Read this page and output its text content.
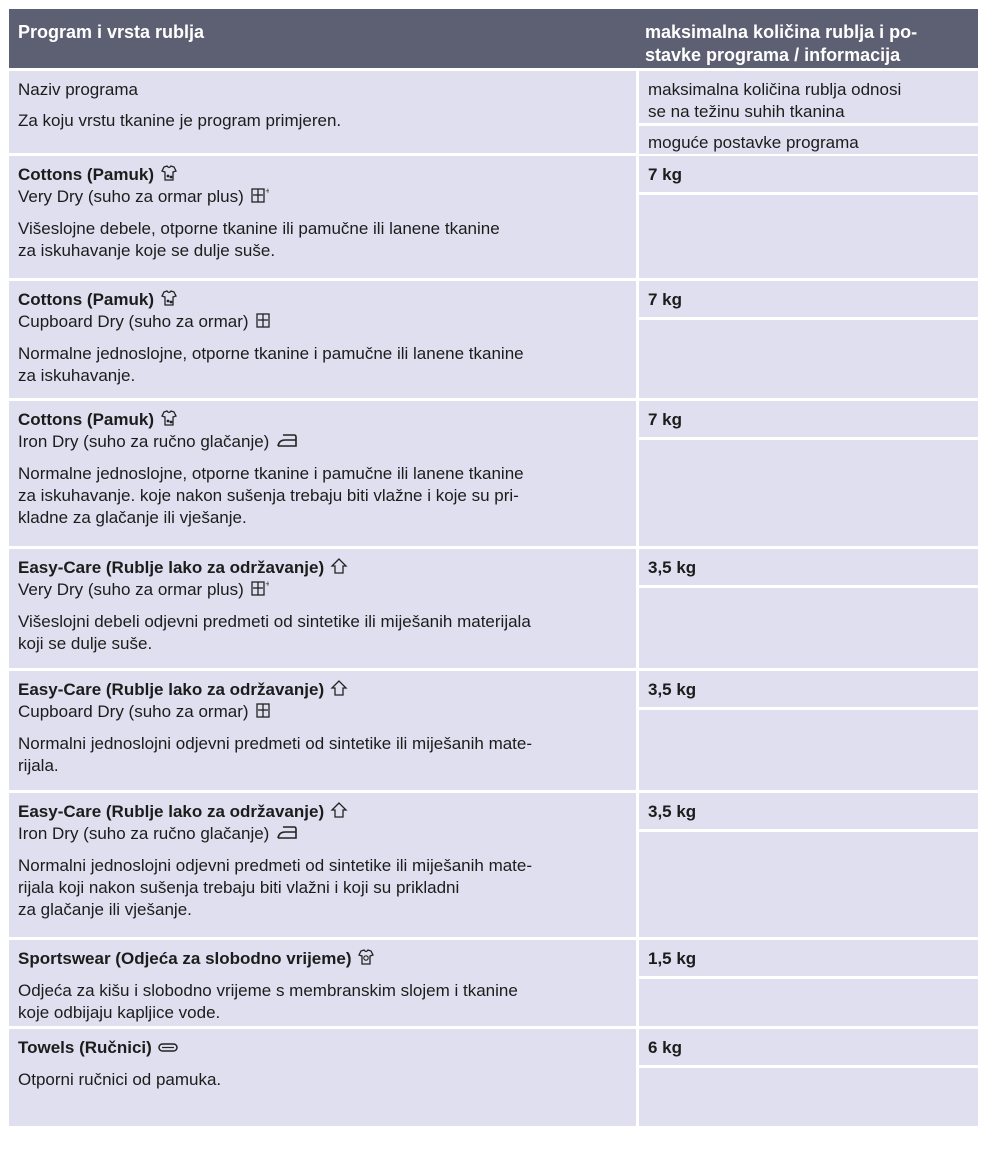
Program i vrsta rublja	maksimalna količina rublja i po-
stavke programa / informacija
Naziv programa
Za koju vrstu tkanine je program primjeren.
maksimalna količina rublja odnosi
se na težinu suhih tkanina
moguće postavke programa
Cottons (Pamuk)
Very Dry (suho za ormar plus)
Višeslojne debele, otporne tkanine ili pamučne ili lanene tkanine
za iskuhavanje koje se dulje suše.
7 kg
Cottons (Pamuk)
Cupboard Dry (suho za ormar)
Normalne jednoslojne, otporne tkanine i pamučne ili lanene tkanine
za iskuhavanje.
7 kg
Cottons (Pamuk)
Iron Dry (suho za ručno glačanje)
Normalne jednoslojne, otporne tkanine i pamučne ili lanene tkanine
za iskuhavanje. koje nakon sušenja trebaju biti vlažne i koje su pri-
kladne za glačanje ili vješanje.
7 kg
Easy-Care (Rublje lako za održavanje)
Very Dry (suho za ormar plus)
Višeslojni debeli odjevni predmeti od sintetike ili miješanih materijala
koji se dulje suše.
3,5 kg
Easy-Care (Rublje lako za održavanje)
Cupboard Dry (suho za ormar)
Normalni jednoslojni odjevni predmeti od sintetike ili miješanih mate-
rijala.
3,5 kg
Easy-Care (Rublje lako za održavanje)
Iron Dry (suho za ručno glačanje)
Normalni jednoslojni odjevni predmeti od sintetike ili miješanih mate-
rijala koji nakon sušenja trebaju biti vlažni i koji su prikladni
za glačanje ili vješanje.
3,5 kg
Sportswear (Odjeća za slobodno vrijeme)
Odjeća za kišu i slobodno vrijeme s membranskim slojem i tkanine
koje odbijaju kapljice vode.
1,5 kg
Towels (Ručnici)
Otporni ručnici od pamuka.
6 kg
